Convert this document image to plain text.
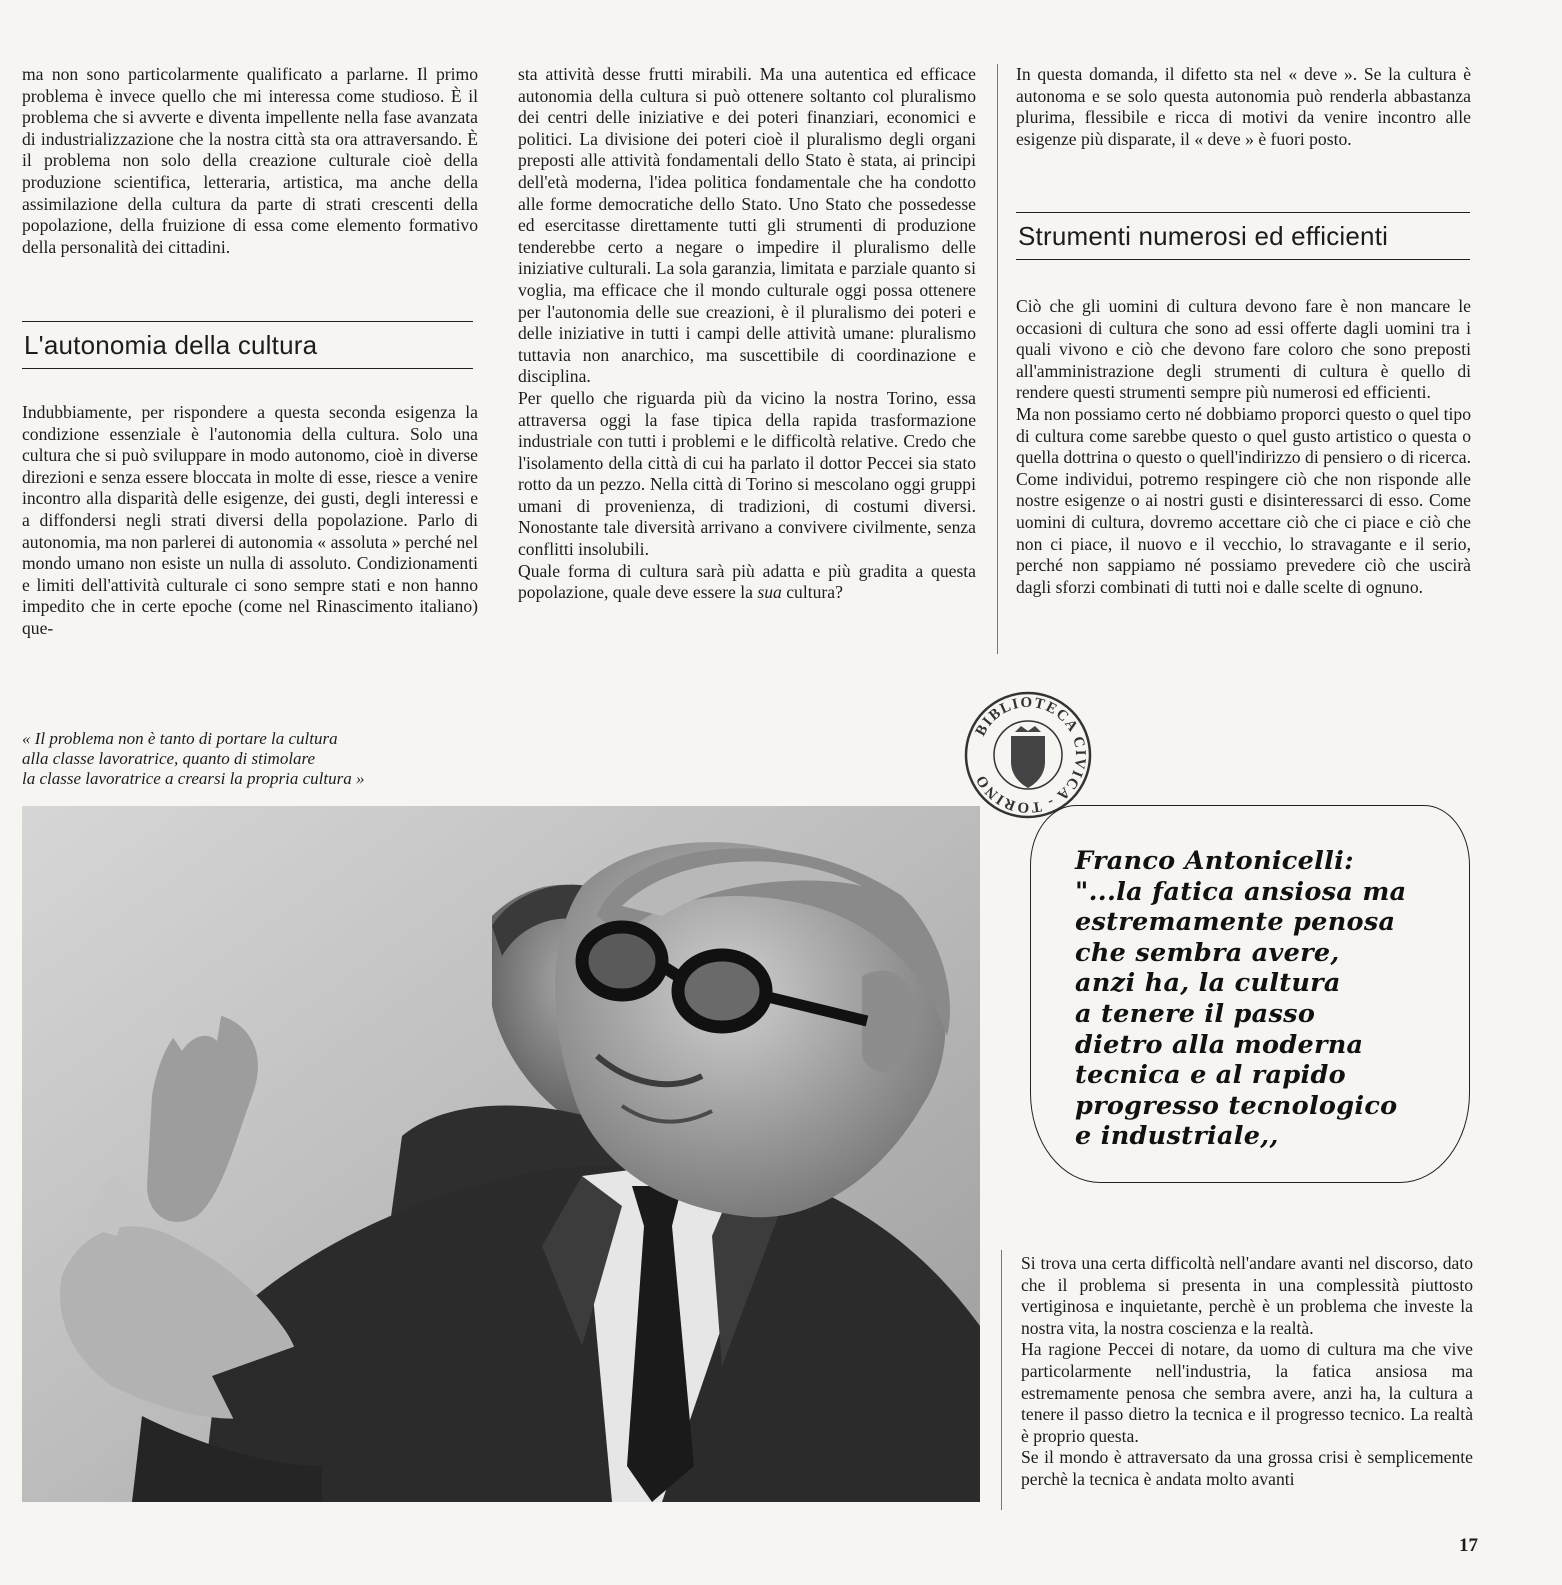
ma non sono particolarmente qualificato a parlarne. Il primo problema è invece quello che mi interessa come studioso. È il problema che si avverte e diventa impellente nella fase avanzata di industrializzazione che la nostra città sta ora attraversando. È il problema non solo della creazione culturale cioè della produzione scientifica, letteraria, artistica, ma anche della assimilazione della cultura da parte di strati crescenti della popolazione, della fruizione di essa come elemento formativo della personalità dei cittadini.

L'autonomia della cultura

Indubbiamente, per rispondere a questa seconda esigenza la condizione essenziale è l'autonomia della cultura. Solo una cultura che si può sviluppare in modo autonomo, cioè in diverse direzioni e senza essere bloccata in molte di esse, riesce a venire incontro alla disparità delle esigenze, dei gusti, degli interessi e a diffondersi negli strati diversi della popolazione. Parlo di autonomia, ma non parlerei di autonomia « assoluta » perché nel mondo umano non esiste un nulla di assoluto. Condizionamenti e limiti dell'attività culturale ci sono sempre stati e non hanno impedito che in certe epoche (come nel Rinascimento italiano) que-

sta attività desse frutti mirabili. Ma una autentica ed efficace autonomia della cultura si può ottenere soltanto col pluralismo dei centri delle iniziative e dei poteri finanziari, economici e politici. La divisione dei poteri cioè il pluralismo degli organi preposti alle attività fondamentali dello Stato è stata, ai principi dell'età moderna, l'idea politica fondamentale che ha condotto alle forme democratiche dello Stato. Uno Stato che possedesse ed esercitasse direttamente tutti gli strumenti di produzione tenderebbe certo a negare o impedire il pluralismo delle iniziative culturali. La sola garanzia, limitata e parziale quanto si voglia, ma efficace che il mondo culturale oggi possa ottenere per l'autonomia delle sue creazioni, è il pluralismo dei poteri e delle iniziative in tutti i campi delle attività umane: pluralismo tuttavia non anarchico, ma suscettibile di coordinazione e disciplina.

Per quello che riguarda più da vicino la nostra Torino, essa attraversa oggi la fase tipica della rapida trasformazione industriale con tutti i problemi e le difficoltà relative. Credo che l'isolamento della città di cui ha parlato il dottor Peccei sia stato rotto da un pezzo. Nella città di Torino si mescolano oggi gruppi umani di provenienza, di tradizioni, di costumi diversi. Nonostante tale diversità arrivano a convivere civilmente, senza conflitti insolubili.

Quale forma di cultura sarà più adatta e più gradita a questa popolazione, quale deve essere la sua cultura?

In questa domanda, il difetto sta nel « deve ». Se la cultura è autonoma e se solo questa autonomia può renderla abbastanza plurima, flessibile e ricca di motivi da venire incontro alle esigenze più disparate, il « deve » è fuori posto.

Strumenti numerosi ed efficienti

Ciò che gli uomini di cultura devono fare è non mancare le occasioni di cultura che sono ad essi offerte dagli uomini tra i quali vivono e ciò che devono fare coloro che sono preposti all'amministrazione degli strumenti di cultura è quello di rendere questi strumenti sempre più numerosi ed efficienti.

Ma non possiamo certo né dobbiamo proporci questo o quel tipo di cultura come sarebbe questo o quel gusto artistico o questa o quella dottrina o questo o quell'indirizzo di pensiero o di ricerca. Come individui, potremo respingere ciò che non risponde alle nostre esigenze o ai nostri gusti e disinteressarci di esso. Come uomini di cultura, dovremo accettare ciò che ci piace e ciò che non ci piace, il nuovo e il vecchio, lo stravagante e il serio, perché non sappiamo né possiamo prevedere ciò che uscirà dagli sforzi combinati di tutti noi e dalle scelte di ognuno.

« Il problema non è tanto di portare la cultura
alla classe lavoratrice, quanto di stimolare
la classe lavoratrice a crearsi la propria cultura »

BIBLIOTECA CIVICA - TORINO
Franco Antonicelli:
"...la fatica ansiosa ma
estremamente penosa
che sembra avere,
anzi ha, la cultura
a tenere il passo
dietro alla moderna
tecnica e al rapido
progresso tecnologico
e industriale,,

Si trova una certa difficoltà nell'andare avanti nel discorso, dato che il problema si presenta in una complessità piuttosto vertiginosa e inquietante, perchè è un problema che investe la nostra vita, la nostra coscienza e la realtà.

Ha ragione Peccei di notare, da uomo di cultura ma che vive particolarmente nell'industria, la fatica ansiosa ma estremamente penosa che sembra avere, anzi ha, la cultura a tenere il passo dietro la tecnica e il progresso tecnico. La realtà è proprio questa.

Se il mondo è attraversato da una grossa crisi è semplicemente perchè la tecnica è andata molto avanti

17
